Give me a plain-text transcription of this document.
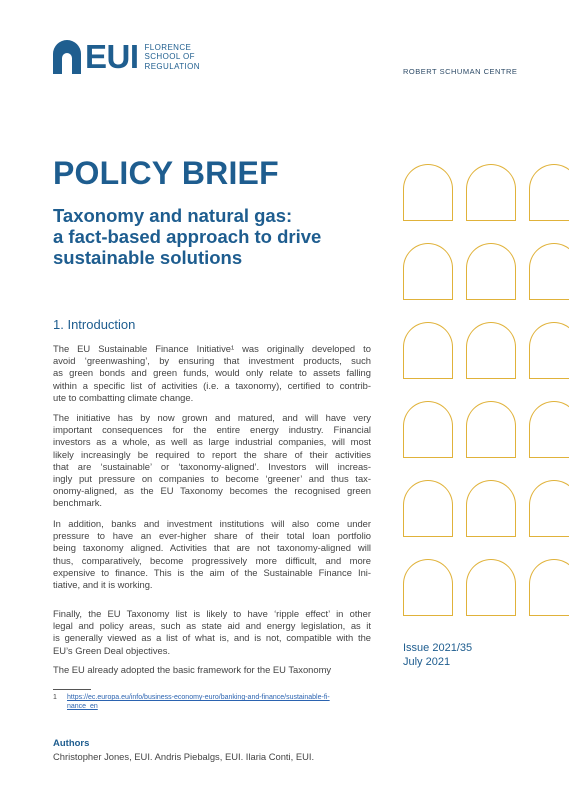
EUI FLORENCE
SCHOOL OF
REGULATION
ROBERT SCHUMAN CENTRE
POLICY BRIEF
Taxonomy and natural gas:
a fact-based approach to drive
sustainable solutions
1. Introduction
The EU Sustainable Finance Initiative¹ was originally developed to
avoid ‘greenwashing’, by ensuring that investment products, such
as green bonds and green funds, would only relate to assets falling
within a specific list of activities (i.e. a taxonomy), certified to contrib-
ute to combatting climate change.
The initiative has by now grown and matured, and will have very
important consequences for the entire energy industry. Financial
investors as a whole, as well as large industrial companies, will most
likely increasingly be required to report the share of their activities
that are ‘sustainable’ or ‘taxonomy-aligned’. Investors will increas-
ingly put pressure on companies to become ‘greener’ and thus tax-
onomy-aligned, as the EU Taxonomy becomes the recognised green
benchmark.
In addition, banks and investment institutions will also come under
pressure to have an ever-higher share of their total loan portfolio
being taxonomy aligned. Activities that are not taxonomy-aligned will
thus, comparatively, become progressively more difficult, and more
expensive to finance. This is the aim of the Sustainable Finance Ini-
tiative, and it is working.
Finally, the EU Taxonomy list is likely to have ‘ripple effect’ in other
legal and policy areas, such as state aid and energy legislation, as it
is generally viewed as a list of what is, and is not, compatible with the
EU’s Green Deal objectives.
The EU already adopted the basic framework for the EU Taxonomy
1 https://ec.europa.eu/info/business-economy-euro/banking-and-finance/sustainable-fi-
nance_en
Authors
Christopher Jones, EUI. Andris Piebalgs, EUI. Ilaria Conti, EUI.
Issue 2021/35
July 2021
